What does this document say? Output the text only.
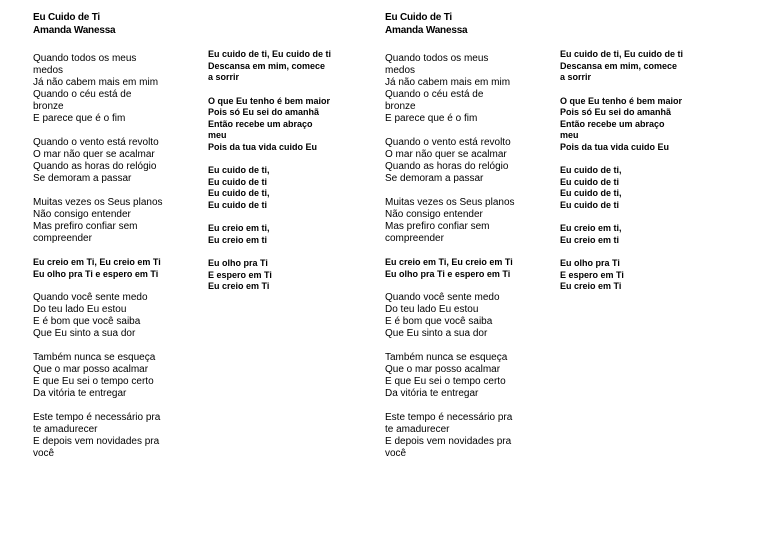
Eu Cuido de Ti
Amanda Wanessa
Quando todos os meus
medos
Já não cabem mais em mim
Quando o céu está de
bronze
E parece que é o fim
Quando o vento está revolto
O mar não quer se acalmar
Quando as horas do relógio
Se demoram a passar
Muitas vezes os Seus planos
Não consigo entender
Mas prefiro confiar sem
compreender
Eu creio em Ti, Eu creio em Ti
Eu olho pra Ti e espero em Ti
Quando você sente medo
Do teu lado Eu estou
E é bom que você saiba
Que Eu sinto a sua dor
Também nunca se esqueça
Que o mar posso acalmar
E que Eu sei o tempo certo
Da vitória te entregar
Este tempo é necessário pra
te amadurecer
E depois vem novidades pra
você
Eu cuido de ti, Eu cuido de ti
Descansa em mim, comece
a sorrir
O que Eu tenho é bem maior
Pois só Eu sei do amanhã
Então recebe um abraço
meu
Pois da tua vida cuido Eu
Eu cuido de ti,
Eu cuido de ti
Eu cuido de ti,
Eu cuido de ti
Eu creio em ti,
Eu creio em ti
Eu olho pra Ti
E espero em Ti
Eu creio em Ti
Eu Cuido de Ti
Amanda Wanessa
Quando todos os meus
medos
Já não cabem mais em mim
Quando o céu está de
bronze
E parece que é o fim
Quando o vento está revolto
O mar não quer se acalmar
Quando as horas do relógio
Se demoram a passar
Muitas vezes os Seus planos
Não consigo entender
Mas prefiro confiar sem
compreender
Eu creio em Ti, Eu creio em Ti
Eu olho pra Ti e espero em Ti
Quando você sente medo
Do teu lado Eu estou
E é bom que você saiba
Que Eu sinto a sua dor
Também nunca se esqueça
Que o mar posso acalmar
E que Eu sei o tempo certo
Da vitória te entregar
Este tempo é necessário pra
te amadurecer
E depois vem novidades pra
você
Eu cuido de ti, Eu cuido de ti
Descansa em mim, comece
a sorrir
O que Eu tenho é bem maior
Pois só Eu sei do amanhã
Então recebe um abraço
meu
Pois da tua vida cuido Eu
Eu cuido de ti,
Eu cuido de ti
Eu cuido de ti,
Eu cuido de ti
Eu creio em ti,
Eu creio em ti
Eu olho pra Ti
E espero em Ti
Eu creio em Ti
